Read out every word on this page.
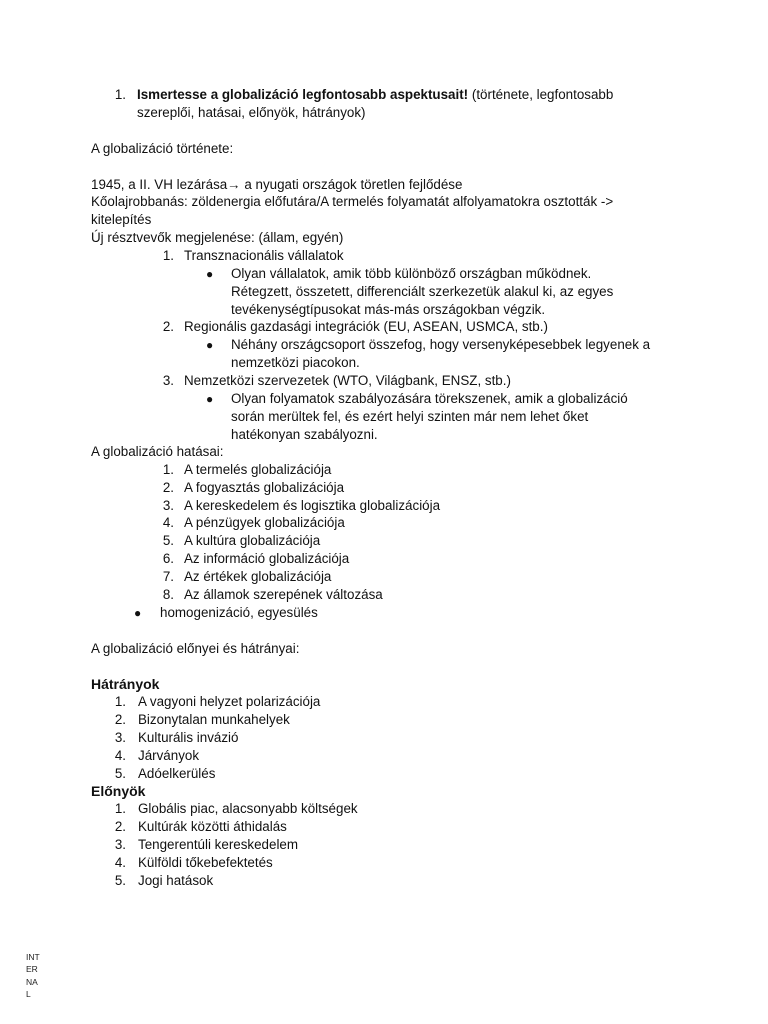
1. Ismertesse a globalizáció legfontosabb aspektusait! (története, legfontosabb
szereplői, hatásai, előnyök, hátrányok)
A globalizáció története:
1945, a II. VH lezárása→ a nyugati országok töretlen fejlődése
Kőolajrobbanás: zöldenergia előfutára/A termelés folyamatát alfolyamatokra osztották ->
kitelepítés
Új résztvevők megjelenése: (állam, egyén)
1. Transznacionális vállalatok
● Olyan vállalatok, amik több különböző országban működnek.
Rétegzett, összetett, differenciált szerkezetük alakul ki, az egyes
tevékenységtípusokat más-más országokban végzik.
2. Regionális gazdasági integrációk (EU, ASEAN, USMCA, stb.)
● Néhány országcsoport összefog, hogy versenyképesebbek legyenek a
nemzetközi piacokon.
3. Nemzetközi szervezetek (WTO, Világbank, ENSZ, stb.)
● Olyan folyamatok szabályozására törekszenek, amik a globalizáció
során merültek fel, és ezért helyi szinten már nem lehet őket
hatékonyan szabályozni.
A globalizáció hatásai:
1. A termelés globalizációja
2. A fogyasztás globalizációja
3. A kereskedelem és logisztika globalizációja
4. A pénzügyek globalizációja
5. A kultúra globalizációja
6. Az információ globalizációja
7. Az értékek globalizációja
8. Az államok szerepének változása
● homogenizáció, egyesülés
A globalizáció előnyei és hátrányai:
Hátrányok
1. A vagyoni helyzet polarizációja
2. Bizonytalan munkahelyek
3. Kulturális invázió
4. Járványok
5. Adóelkerülés
Előnyök
1. Globális piac, alacsonyabb költségek
2. Kultúrák közötti áthidalás
3. Tengerentúli kereskedelem
4. Külföldi tőkebefektetés
5. Jogi hatások
INT
ER
NA
L
